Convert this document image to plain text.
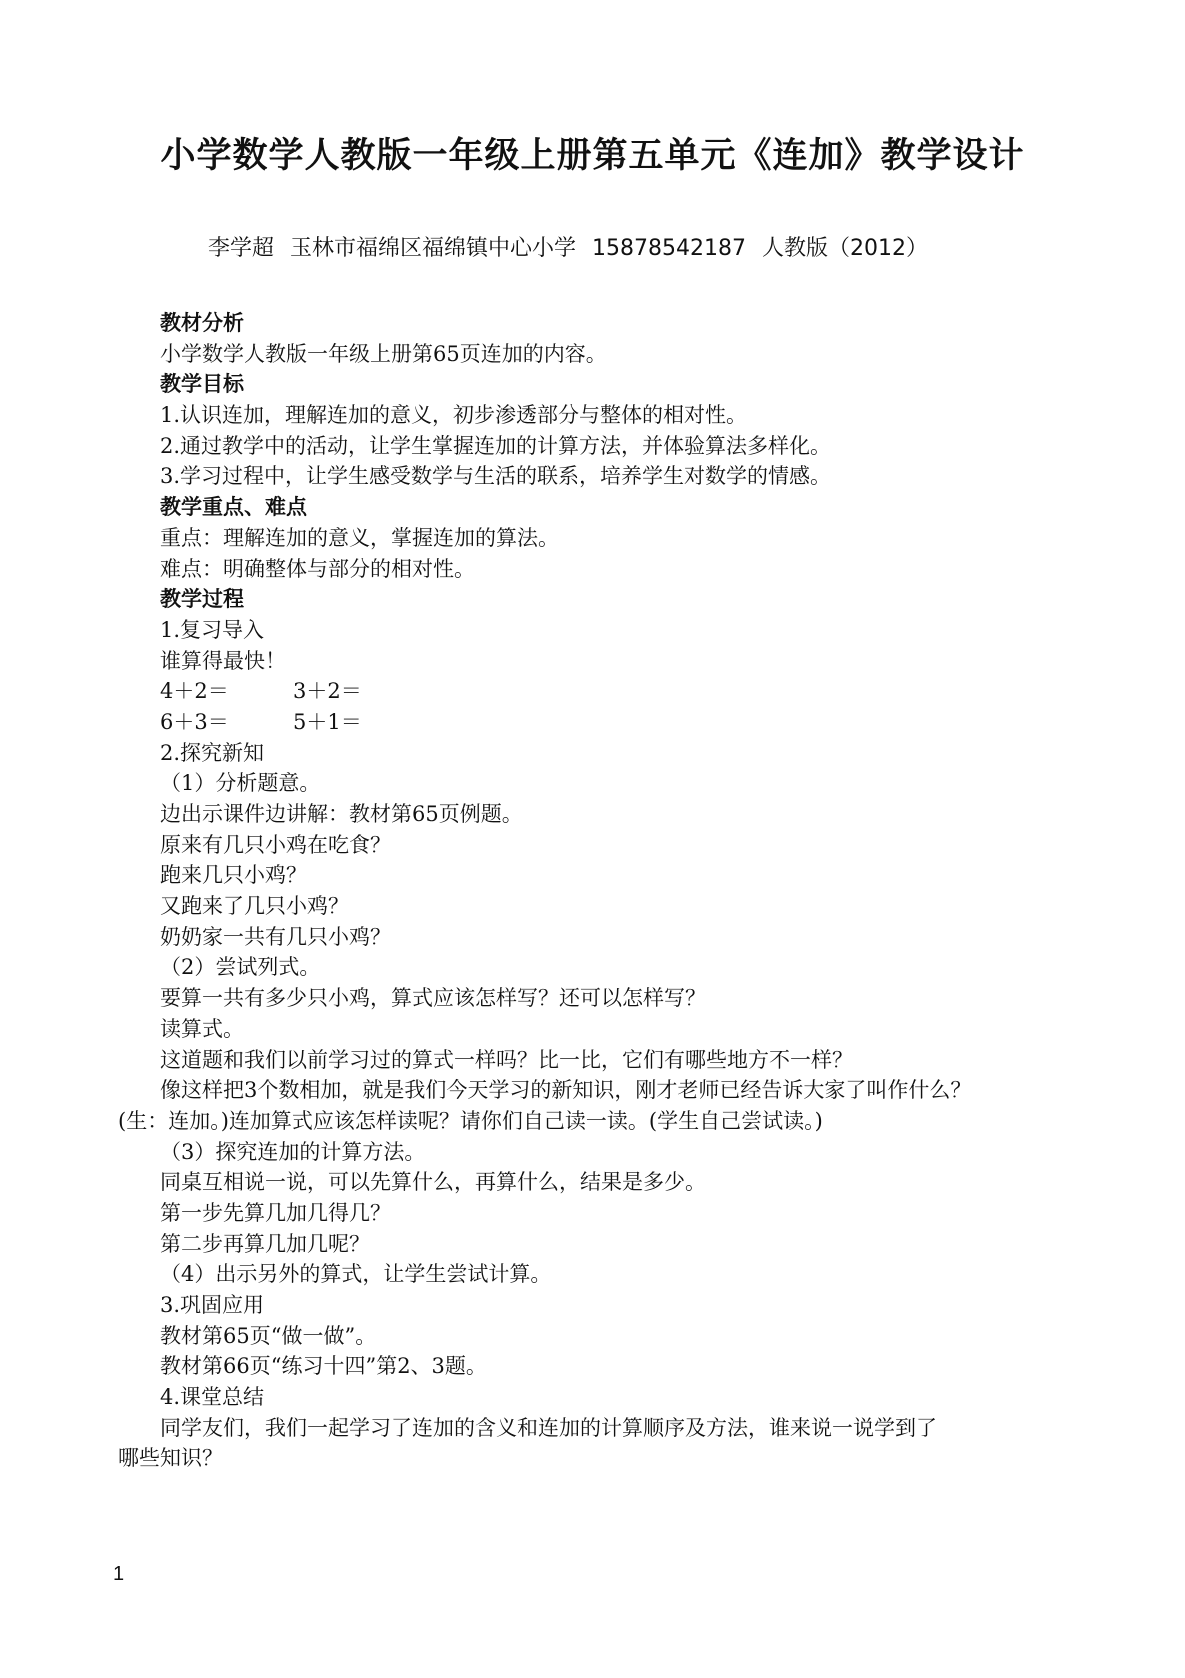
小学数学人教版一年级上册第五单元《连加》教学设计
李学超 玉林市福绵区福绵镇中心小学 15878542187 人教版（2012）
教材分析
小学数学人教版一年级上册第65页连加的内容。
教学目标
1.认识连加，理解连加的意义，初步渗透部分与整体的相对性。
2.通过教学中的活动，让学生掌握连加的计算方法，并体验算法多样化。
3.学习过程中，让学生感受数学与生活的联系，培养学生对数学的情感。
教学重点、难点
重点：理解连加的意义，掌握连加的算法。
难点：明确整体与部分的相对性。
教学过程
1.复习导入
谁算得最快！
4＋2＝	3＋2＝
6＋3＝	5＋1＝
2.探究新知
（1）分析题意。
边出示课件边讲解：教材第65页例题。
原来有几只小鸡在吃食？
跑来几只小鸡？
又跑来了几只小鸡？
奶奶家一共有几只小鸡？
（2）尝试列式。
要算一共有多少只小鸡，算式应该怎样写？还可以怎样写？
读算式。
这道题和我们以前学习过的算式一样吗？比一比，它们有哪些地方不一样？
像这样把3个数相加，就是我们今天学习的新知识，刚才老师已经告诉大家了叫作什么？
(生：连加。)连加算式应该怎样读呢？请你们自己读一读。(学生自己尝试读。)
（3）探究连加的计算方法。
同桌互相说一说，可以先算什么，再算什么，结果是多少。
第一步先算几加几得几？
第二步再算几加几呢？
（4）出示另外的算式，让学生尝试计算。
3.巩固应用
教材第65页“做一做”。
教材第66页“练习十四”第2、3题。
4.课堂总结
同学友们，我们一起学习了连加的含义和连加的计算顺序及方法，谁来说一说学到了
哪些知识？
1
